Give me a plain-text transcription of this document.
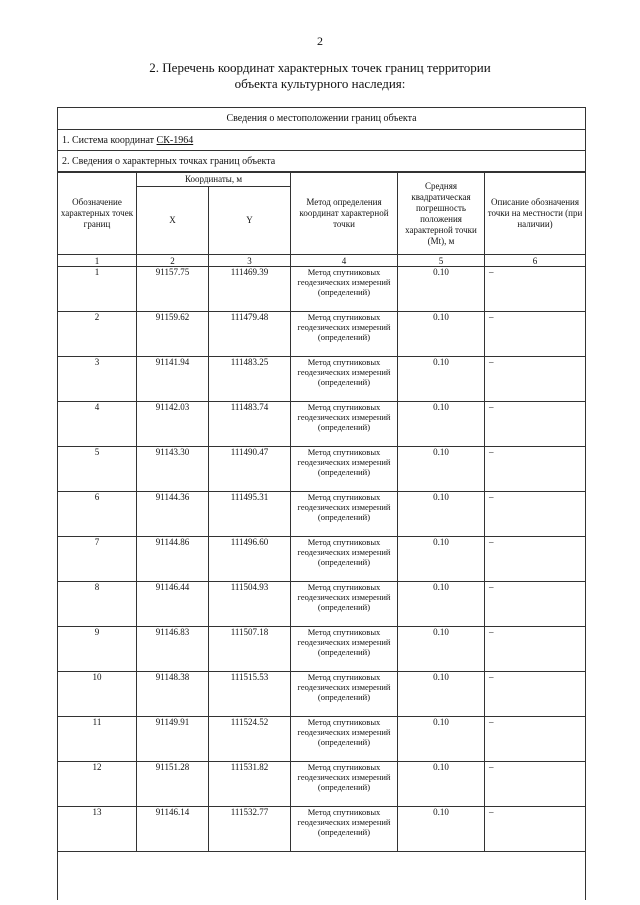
2
2. Перечень координат характерных точек границ территории
объекта культурного наследия:
Сведения о местоположении границ объекта
1. Система координат СК-1964
2. Сведения о характерных точках границ объекта
Обозначение характерных точек границ	Координаты, м		Метод определения координат характерной точки	Средняя квадратическая погрешность положения характерной точки (Mt), м	Описание обозначения точки на местности (при наличии)
	X	Y			
1	2	3	4	5	6
1	91157.75	111469.39	Метод спутниковых геодезических измерений (определений)	0.10	–
2	91159.62	111479.48	Метод спутниковых геодезических измерений (определений)	0.10	–
3	91141.94	111483.25	Метод спутниковых геодезических измерений (определений)	0.10	–
4	91142.03	111483.74	Метод спутниковых геодезических измерений (определений)	0.10	–
5	91143.30	111490.47	Метод спутниковых геодезических измерений (определений)	0.10	–
6	91144.36	111495.31	Метод спутниковых геодезических измерений (определений)	0.10	–
7	91144.86	111496.60	Метод спутниковых геодезических измерений (определений)	0.10	–
8	91146.44	111504.93	Метод спутниковых геодезических измерений (определений)	0.10	–
9	91146.83	111507.18	Метод спутниковых геодезических измерений (определений)	0.10	–
10	91148.38	111515.53	Метод спутниковых геодезических измерений (определений)	0.10	–
11	91149.91	111524.52	Метод спутниковых геодезических измерений (определений)	0.10	–
12	91151.28	111531.82	Метод спутниковых геодезических измерений (определений)	0.10	–
13	91146.14	111532.77	Метод спутниковых геодезических измерений (определений)	0.10	–
